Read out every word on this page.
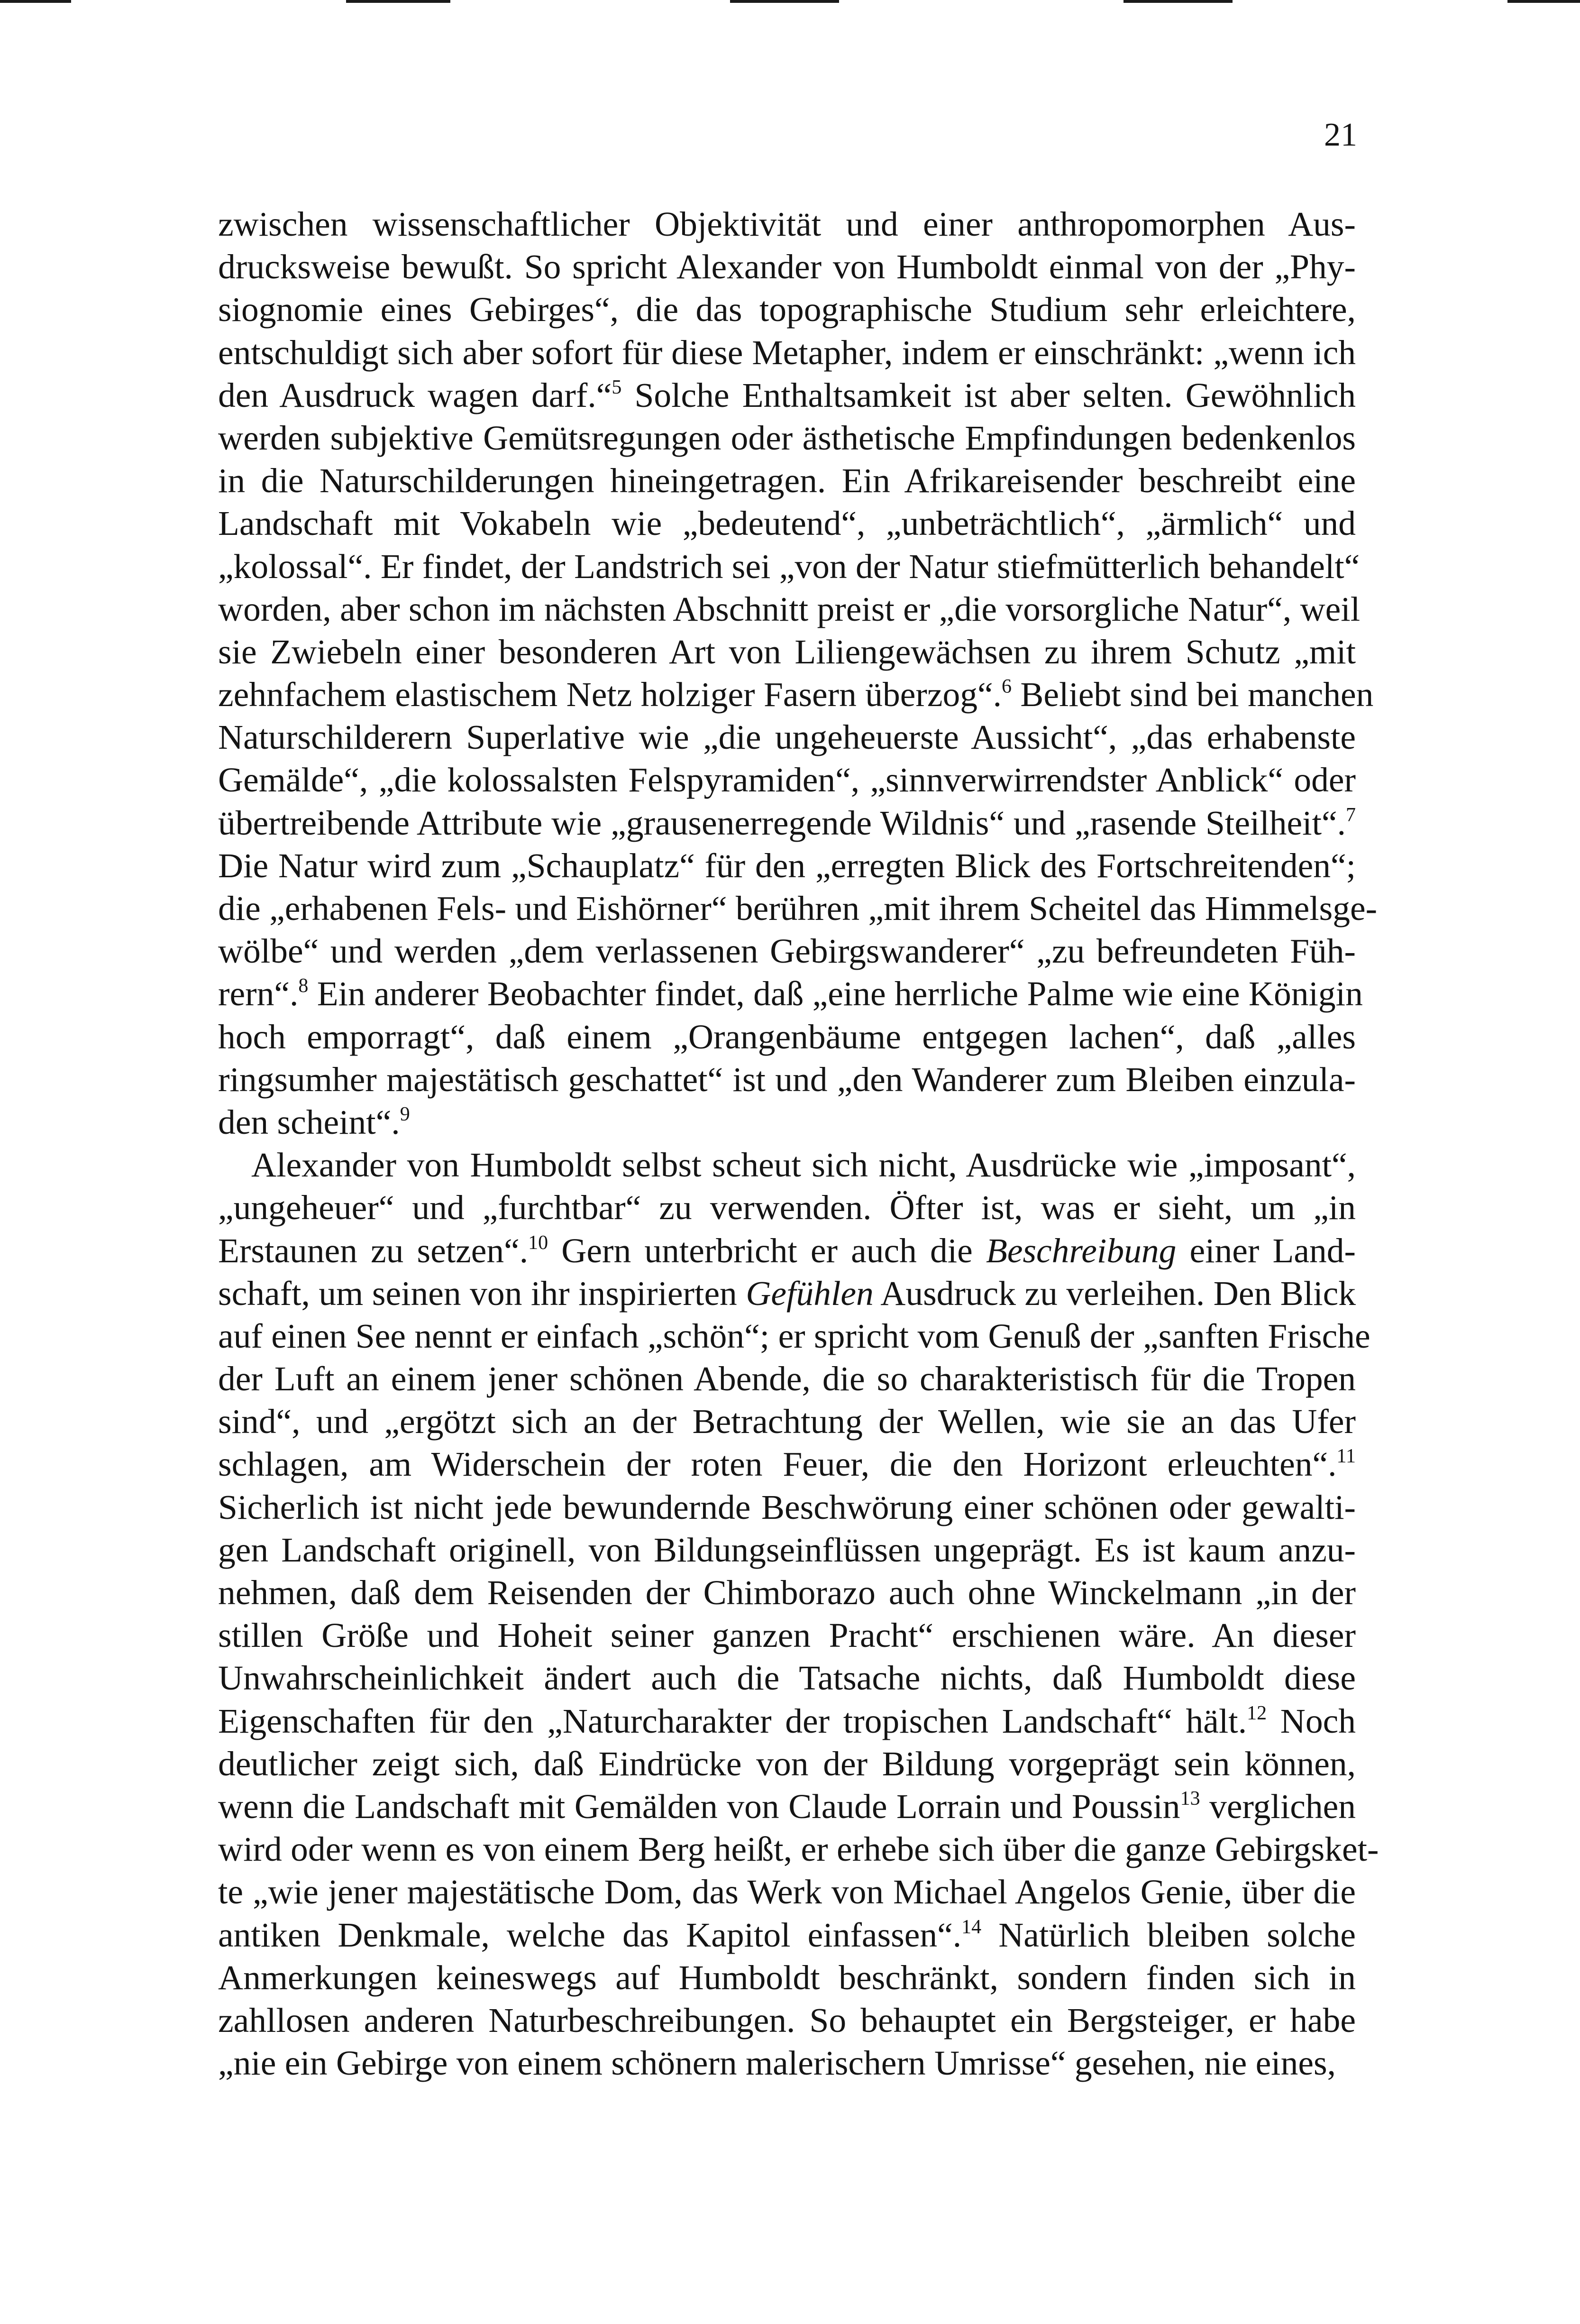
21

zwischen wissenschaftlicher Objektivität und einer anthropomorphen Aus-
drucksweise bewußt. So spricht Alexander von Humboldt einmal von der „Phy-
siognomie eines Gebirges“, die das topographische Studium sehr erleichtere,
entschuldigt sich aber sofort für diese Metapher, indem er einschränkt: „wenn ich
den Ausdruck wagen darf.“$^5$ Solche Enthaltsamkeit ist aber selten. Gewöhnlich
werden subjektive Gemütsregungen oder ästhetische Empfindungen bedenkenlos
in die Naturschilderungen hineingetragen. Ein Afrikareisender beschreibt eine
Landschaft mit Vokabeln wie „bedeutend“, „unbeträchtlich“, „ärmlich“ und
„kolossal“. Er findet, der Landstrich sei „von der Natur stiefmütterlich behandelt“
worden, aber schon im nächsten Abschnitt preist er „die vorsorgliche Natur“, weil
sie Zwiebeln einer besonderen Art von Liliengewächsen zu ihrem Schutz „mit
zehnfachem elastischem Netz holziger Fasern überzog“.$^6$ Beliebt sind bei manchen
Naturschilderern Superlative wie „die ungeheuerste Aussicht“, „das erhabenste
Gemälde“, „die kolossalsten Felspyramiden“, „sinnverwirrendster Anblick“ oder
übertreibende Attribute wie „grausenerregende Wildnis“ und „rasende Steilheit“.$^7$
Die Natur wird zum „Schauplatz“ für den „erregten Blick des Fortschreitenden“;
die „erhabenen Fels- und Eishörner“ berühren „mit ihrem Scheitel das Himmelsge-
wölbe“ und werden „dem verlassenen Gebirgswanderer“ „zu befreundeten Füh-
rern“.$^8$ Ein anderer Beobachter findet, daß „eine herrliche Palme wie eine Königin
hoch emporragt“, daß einem „Orangenbäume entgegen lachen“, daß „alles
ringsumher majestätisch geschattet“ ist und „den Wanderer zum Bleiben einzula-
den scheint“.$^9$

Alexander von Humboldt selbst scheut sich nicht, Ausdrücke wie „imposant“,
„ungeheuer“ und „furchtbar“ zu verwenden. Öfter ist, was er sieht, um „in
Erstaunen zu setzen“.$^{10}$ Gern unterbricht er auch die Beschreibung einer Land-
schaft, um seinen von ihr inspirierten Gefühlen Ausdruck zu verleihen. Den Blick
auf einen See nennt er einfach „schön“; er spricht vom Genuß der „sanften Frische
der Luft an einem jener schönen Abende, die so charakteristisch für die Tropen
sind“, und „ergötzt sich an der Betrachtung der Wellen, wie sie an das Ufer
schlagen, am Widerschein der roten Feuer, die den Horizont erleuchten“.$^{11}$
Sicherlich ist nicht jede bewundernde Beschwörung einer schönen oder gewalti-
gen Landschaft originell, von Bildungseinflüssen ungeprägt. Es ist kaum anzu-
nehmen, daß dem Reisenden der Chimborazo auch ohne Winckelmann „in der
stillen Größe und Hoheit seiner ganzen Pracht“ erschienen wäre. An dieser
Unwahrscheinlichkeit ändert auch die Tatsache nichts, daß Humboldt diese
Eigenschaften für den „Naturcharakter der tropischen Landschaft“ hält.$^{12}$ Noch
deutlicher zeigt sich, daß Eindrücke von der Bildung vorgeprägt sein können,
wenn die Landschaft mit Gemälden von Claude Lorrain und Poussin$^{13}$ verglichen
wird oder wenn es von einem Berg heißt, er erhebe sich über die ganze Gebirgsket-
te „wie jener majestätische Dom, das Werk von Michael Angelos Genie, über die
antiken Denkmale, welche das Kapitol einfassen“.$^{14}$ Natürlich bleiben solche
Anmerkungen keineswegs auf Humboldt beschränkt, sondern finden sich in
zahllosen anderen Naturbeschreibungen. So behauptet ein Bergsteiger, er habe
„nie ein Gebirge von einem schönern malerischern Umrisse“ gesehen, nie eines,
